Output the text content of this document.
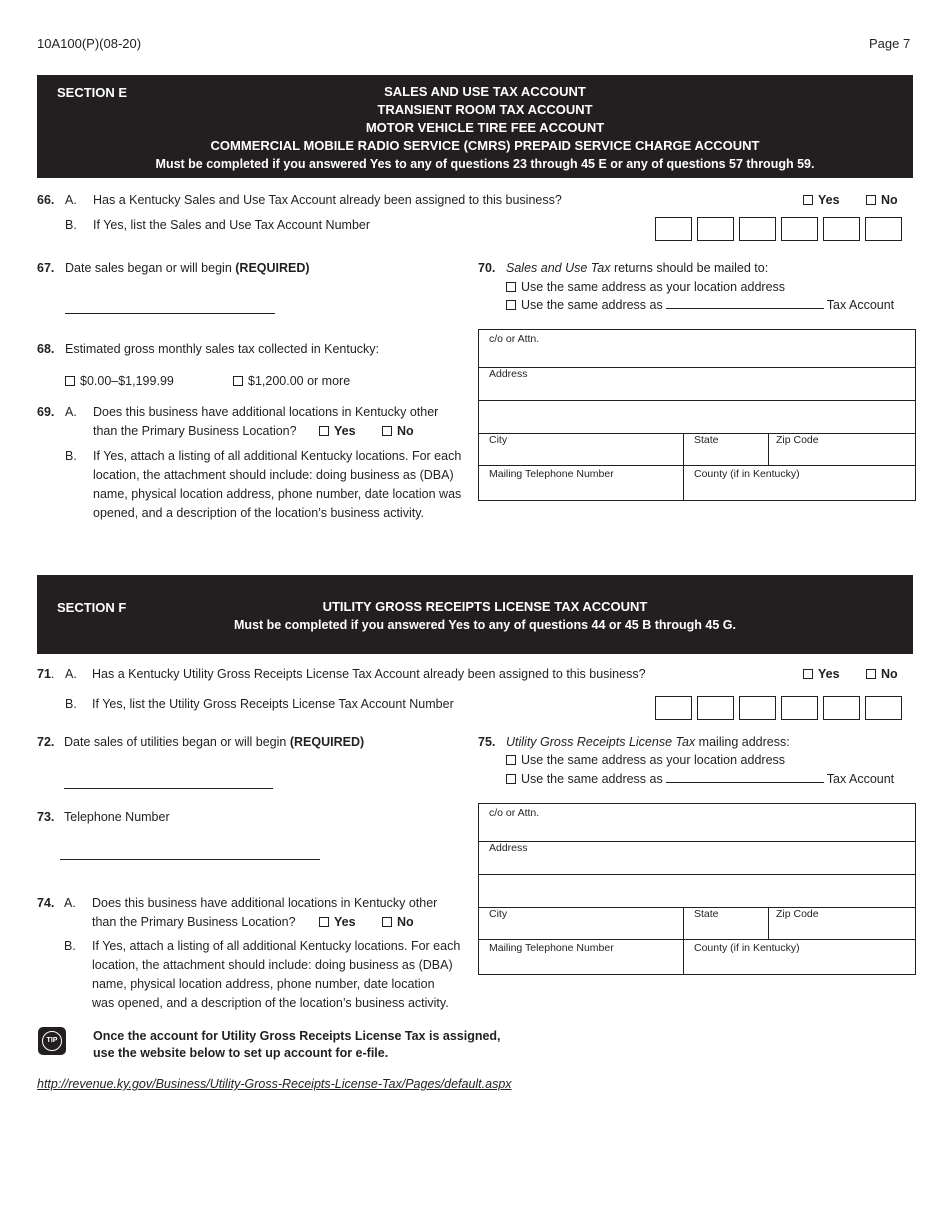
10A100(P)(08-20)	Page 7
SECTION E	SALES AND USE TAX ACCOUNT
TRANSIENT ROOM TAX ACCOUNT
MOTOR VEHICLE TIRE FEE ACCOUNT
COMMERCIAL MOBILE RADIO SERVICE (CMRS) PREPAID SERVICE CHARGE ACCOUNT
Must be completed if you answered Yes to any of questions 23 through 45 E or any of questions 57 through 59.
66. A. Has a Kentucky Sales and Use Tax Account already been assigned to this business?	Yes	No
B. If Yes, list the Sales and Use Tax Account Number
67. Date sales began or will begin (REQUIRED)
68. Estimated gross monthly sales tax collected in Kentucky:
$0.00–$1,199.99	$1,200.00 or more
69. A. Does this business have additional locations in Kentucky other
than the Primary Business Location?	Yes	No
B. If Yes, attach a listing of all additional Kentucky locations. For each
location, the attachment should include: doing business as (DBA)
name, physical location address, phone number, date location was
opened, and a description of the location’s business activity.
70. Sales and Use Tax returns should be mailed to:
Use the same address as your location address
Use the same address as	Tax Account
c/o or Attn.
Address
City	State	Zip Code
Mailing Telephone Number	County (if in Kentucky)
SECTION F	UTILITY GROSS RECEIPTS LICENSE TAX ACCOUNT
Must be completed if you answered Yes to any of questions 44 or 45 B through 45 G.
71. A. Has a Kentucky Utility Gross Receipts License Tax Account already been assigned to this business?	Yes	No
B. If Yes, list the Utility Gross Receipts License Tax Account Number
72. Date sales of utilities began or will begin (REQUIRED)
73. Telephone Number
74. A. Does this business have additional locations in Kentucky other
than the Primary Business Location?	Yes	No
B. If Yes, attach a listing of all additional Kentucky locations. For each
location, the attachment should include: doing business as (DBA)
name, physical location address, phone number, date location
was opened, and a description of the location’s business activity.
75. Utility Gross Receipts License Tax mailing address:
Use the same address as your location address
Use the same address as	Tax Account
c/o or Attn.
Address
City	State	Zip Code
Mailing Telephone Number	County (if in Kentucky)
TIP	Once the account for Utility Gross Receipts License Tax is assigned,
use the website below to set up account for e-file.
http://revenue.ky.gov/Business/Utility-Gross-Receipts-License-Tax/Pages/default.aspx
